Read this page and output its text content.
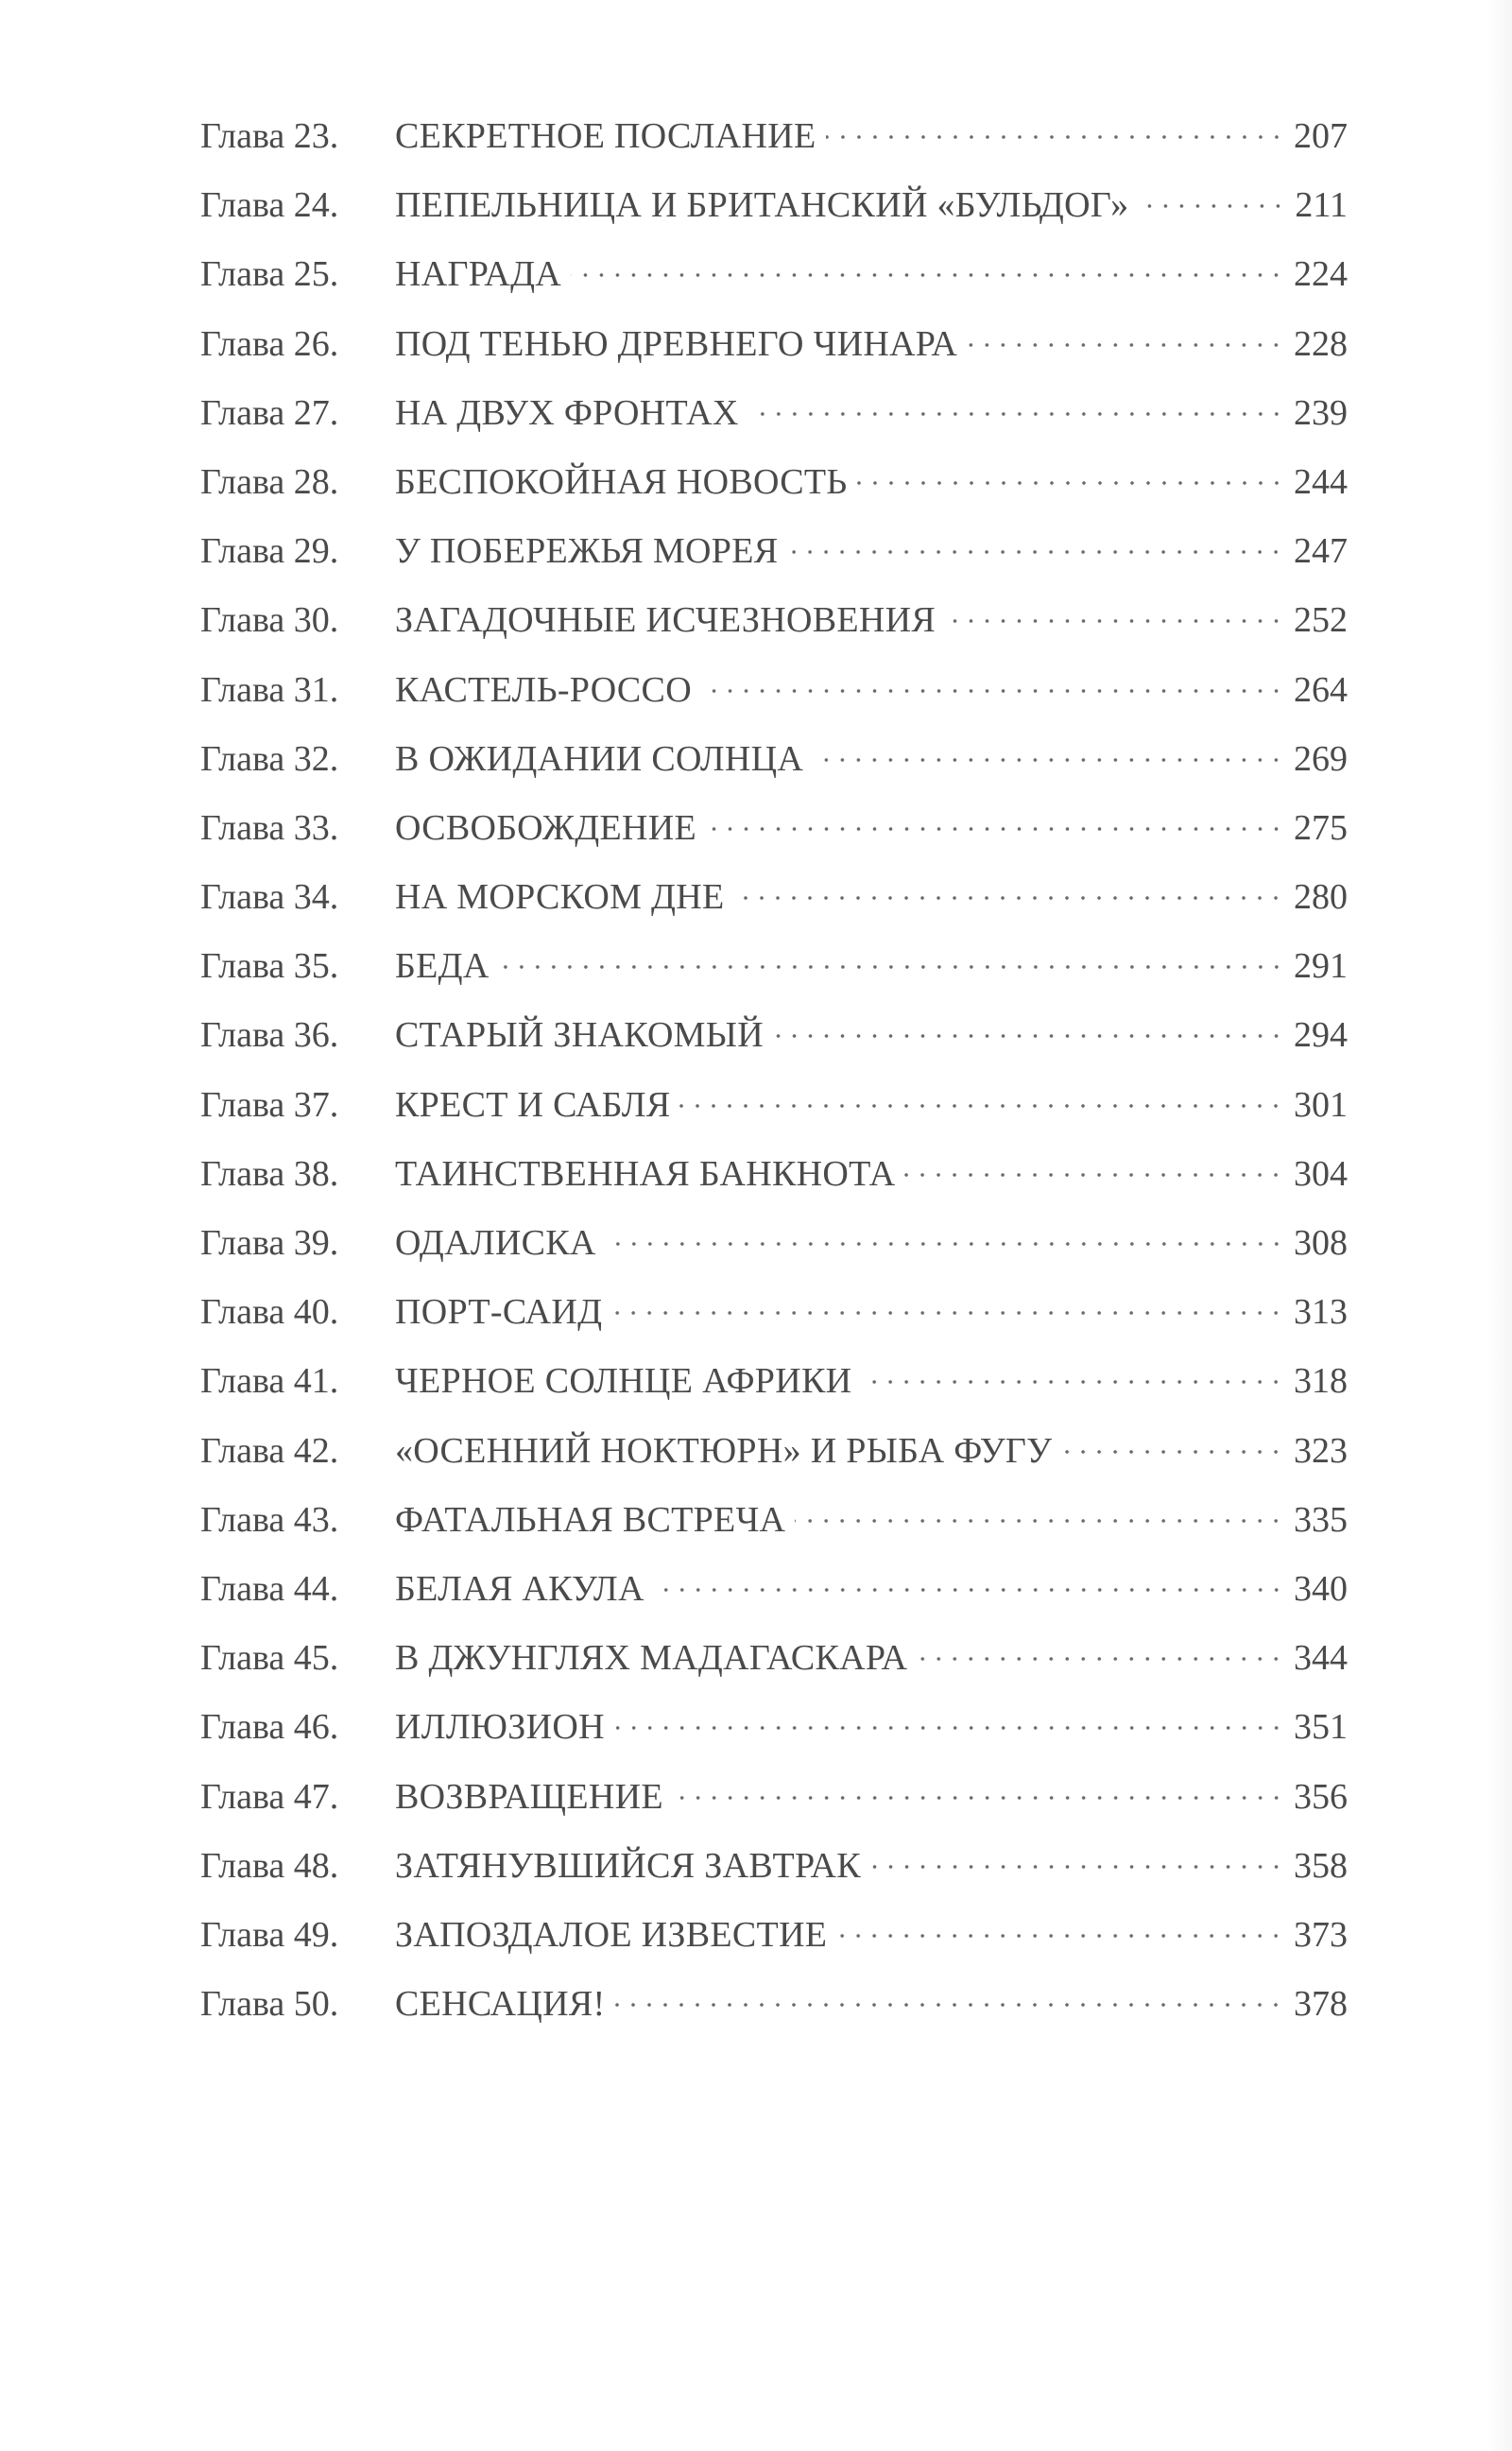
Глава 23.	СЕКРЕТНОЕ ПОСЛАНИЕ	207
Глава 24.	ПЕПЕЛЬНИЦА И БРИТАНСКИЙ «БУЛЬДОГ»	211
Глава 25.	НАГРАДА	224
Глава 26.	ПОД ТЕНЬЮ ДРЕВНЕГО ЧИНАРА	228
Глава 27.	НА ДВУХ ФРОНТАХ	239
Глава 28.	БЕСПОКОЙНАЯ НОВОСТЬ	244
Глава 29.	У ПОБЕРЕЖЬЯ МОРЕЯ	247
Глава 30.	ЗАГАДОЧНЫЕ ИСЧЕЗНОВЕНИЯ	252
Глава 31.	КАСТЕЛЬ-РОССО	264
Глава 32.	В ОЖИДАНИИ СОЛНЦА	269
Глава 33.	ОСВОБОЖДЕНИЕ	275
Глава 34.	НА МОРСКОМ ДНЕ	280
Глава 35.	БЕДА	291
Глава 36.	СТАРЫЙ ЗНАКОМЫЙ	294
Глава 37.	КРЕСТ И САБЛЯ	301
Глава 38.	ТАИНСТВЕННАЯ БАНКНОТА	304
Глава 39.	ОДАЛИСКА	308
Глава 40.	ПОРТ-САИД	313
Глава 41.	ЧЕРНОЕ СОЛНЦЕ АФРИКИ	318
Глава 42.	«ОСЕННИЙ НОКТЮРН» И РЫБА ФУГУ	323
Глава 43.	ФАТАЛЬНАЯ ВСТРЕЧА	335
Глава 44.	БЕЛАЯ АКУЛА	340
Глава 45.	В ДЖУНГЛЯХ МАДАГАСКАРА	344
Глава 46.	ИЛЛЮЗИОН	351
Глава 47.	ВОЗВРАЩЕНИЕ	356
Глава 48.	ЗАТЯНУВШИЙСЯ ЗАВТРАК	358
Глава 49.	ЗАПОЗДАЛОЕ ИЗВЕСТИЕ	373
Глава 50.	СЕНСАЦИЯ!	378
